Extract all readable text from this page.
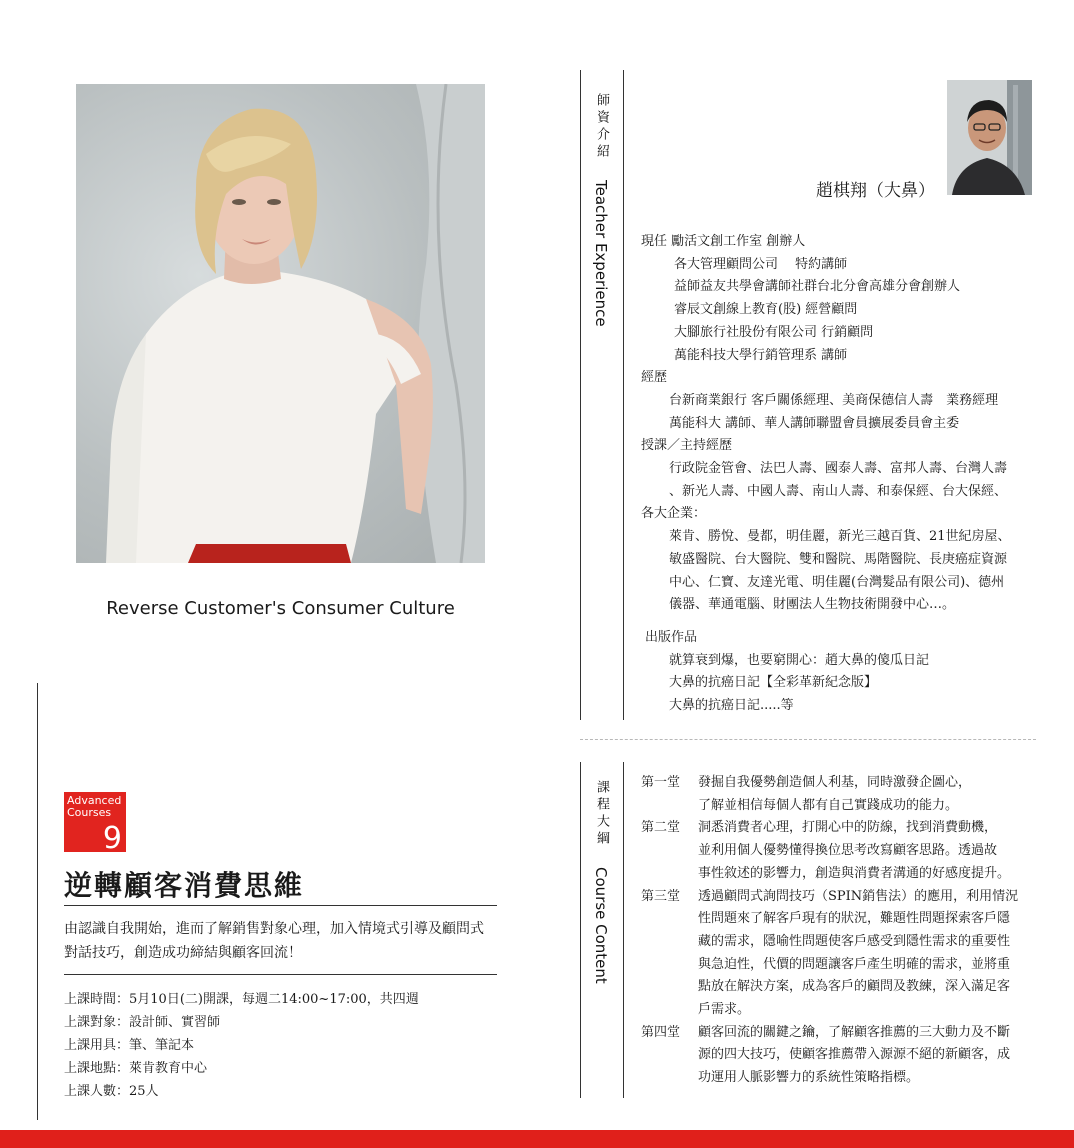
Reverse Customer's Consumer Culture
Advanced Courses
9
逆轉顧客消費思維
由認識自我開始，進而了解銷售對象心理，加入情境式引導及顧問式
對話技巧，創造成功締結與顧客回流！
上課時間：5月10日(二)開課，每週二14:00~17:00，共四週
上課對象：設計師、實習師
上課用具：筆、筆記本
上課地點：萊肯教育中心
上課人數：25人
師資介紹 Teacher Experience
課程大綱 Course Content
趙棋翔（大鼻）
現任 勵活文創工作室 創辦人
各大管理顧問公司　 特約講師
益師益友共學會講師社群台北分會高雄分會創辦人
睿辰文創線上教育(股) 經營顧問
大腳旅行社股份有限公司 行銷顧問
萬能科技大學行銷管理系 講師
經歷
台新商業銀行 客戶關係經理、美商保德信人壽　業務經理
萬能科大 講師、華人講師聯盟會員擴展委員會主委
授課／主持經歷
行政院金管會、法巴人壽、國泰人壽、富邦人壽、台灣人壽
、新光人壽、中國人壽、南山人壽、和泰保經、台大保經、
各大企業：
萊肯、勝悅、曼都，明佳麗，新光三越百貨、21世紀房屋、
敏盛醫院、台大醫院、雙和醫院、馬階醫院、長庚癌症資源
中心、仁寶、友達光電、明佳麗(台灣髮品有限公司)、德州
儀器、華通電腦、財團法人生物技術開發中心…。
出版作品
就算衰到爆，也要窮開心：趙大鼻的傻瓜日記
大鼻的抗癌日記【全彩革新紀念版】
大鼻的抗癌日記.....等
第一堂	發掘自我優勢創造個人利基，同時激發企圖心，
了解並相信每個人都有自己實踐成功的能力。
第二堂	洞悉消費者心理，打開心中的防線，找到消費動機，
並利用個人優勢懂得換位思考改寫顧客思路。透過故
事性敘述的影響力，創造與消費者溝通的好感度提升。
第三堂	透過顧問式詢問技巧（SPIN銷售法）的應用，利用情況
性問題來了解客戶現有的狀況，難題性問題探索客戶隱
藏的需求，隱喻性問題使客戶感受到隱性需求的重要性
與急迫性，代價的問題讓客戶產生明確的需求，並將重
點放在解決方案，成為客戶的顧問及教練，深入滿足客
戶需求。
第四堂	顧客回流的關鍵之鑰，了解顧客推薦的三大動力及不斷
源的四大技巧，使顧客推薦帶入源源不絕的新顧客，成
功運用人脈影響力的系統性策略指標。
